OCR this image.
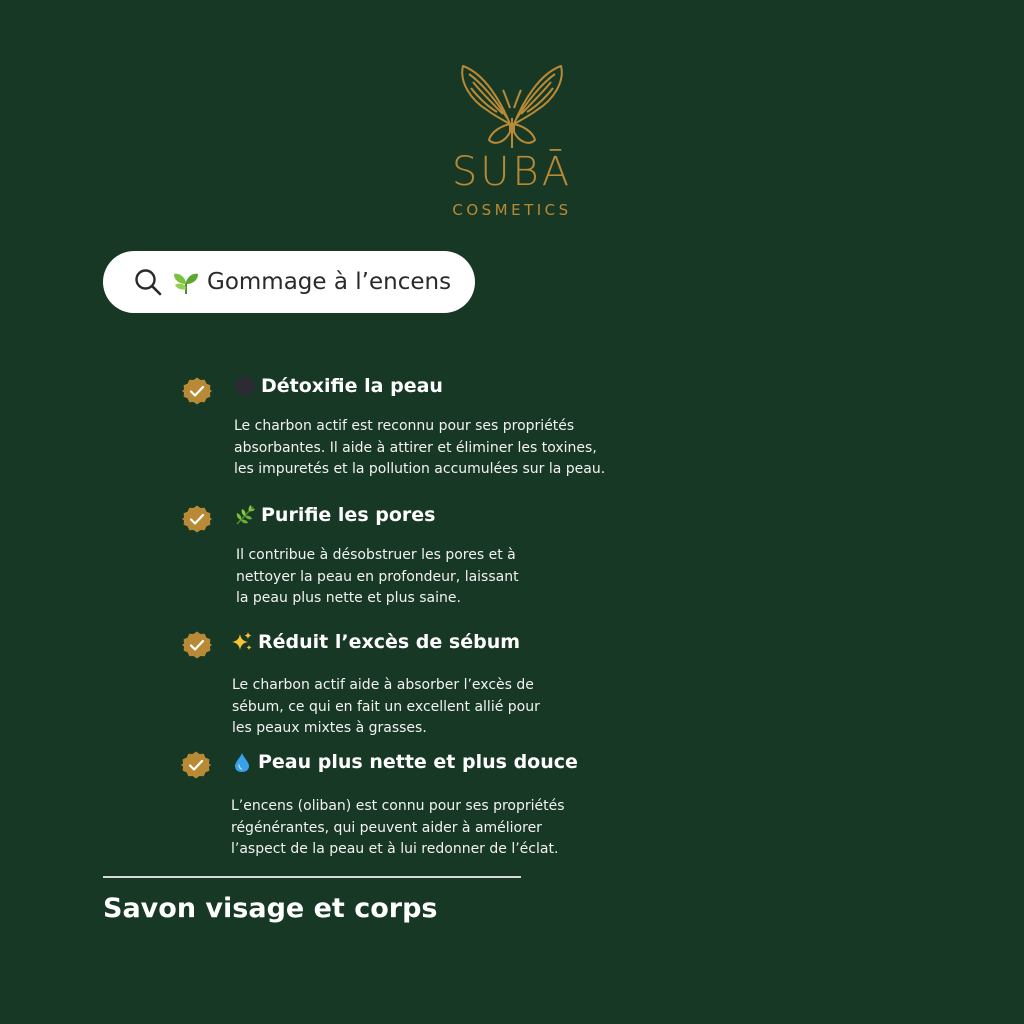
SUBĀ
COSMETICS
Gommage à l’encens
Détoxifie la peau
Le charbon actif est reconnu pour ses propriétés
absorbantes. Il aide à attirer et éliminer les toxines,
les impuretés et la pollution accumulées sur la peau.
Purifie les pores
Il contribue à désobstruer les pores et à
nettoyer la peau en profondeur, laissant
la peau plus nette et plus saine.
Réduit l’excès de sébum
Le charbon actif aide à absorber l’excès de
sébum, ce qui en fait un excellent allié pour
les peaux mixtes à grasses.
Peau plus nette et plus douce
L’encens (oliban) est connu pour ses propriétés
régénérantes, qui peuvent aider à améliorer
l’aspect de la peau et à lui redonner de l’éclat.
Savon visage et corps
